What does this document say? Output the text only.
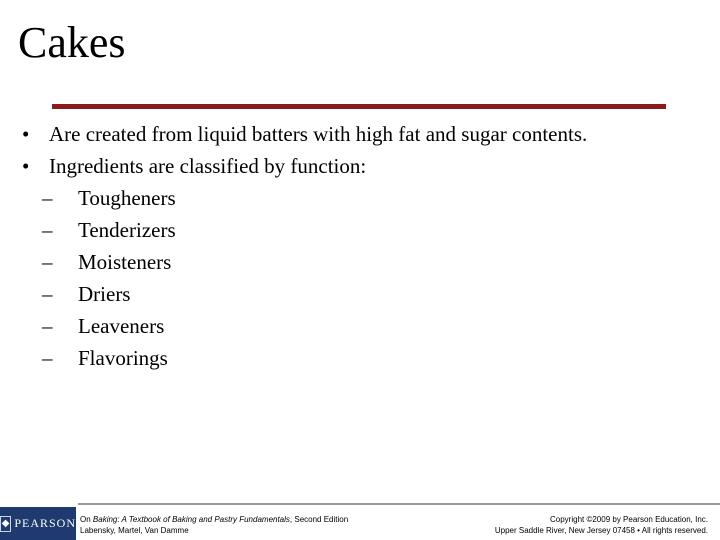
Cakes
• Are created from liquid batters with high fat and sugar contents.
• Ingredients are classified by function:
–	Tougheners
–	Tenderizers
–	Moisteners
–	Driers
–	Leaveners
–	Flavorings
◆ PEARSON On Baking: A Textbook of Baking and Pastry Fundamentals, Second Edition
Labensky, Martel, Van Damme
Copyright ©2009 by Pearson Education, Inc.
Upper Saddle River, New Jersey 07458 • All rights reserved.
